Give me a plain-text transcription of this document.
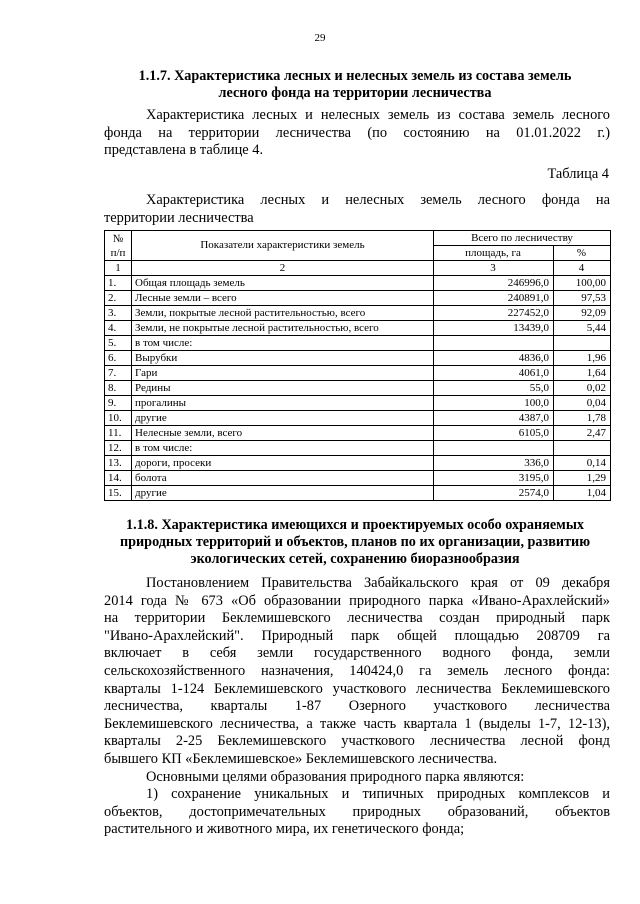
29
1.1.7. Характеристика лесных и нелесных земель из состава земель
лесного фонда на территории лесничества
Характеристика лесных и нелесных земель из состава земель лесного
фонда на территории лесничества (по состоянию на 01.01.2022 г.)
представлена в таблице 4.
Таблица 4
Характеристика лесных и нелесных земель лесного фонда на
территории лесничества
№ п/п	Показатели характеристики земель	Всего по лесничеству	
		площадь, га	%
1	2	3	4
1.	Общая площадь земель	246996,0	100,00
2.	Лесные земли – всего	240891,0	97,53
3.	Земли, покрытые лесной растительностью, всего	227452,0	92,09
4.	Земли, не покрытые лесной растительностью, всего	13439,0	5,44
5.	в том числе:		
6.	Вырубки	4836,0	1,96
7.	Гари	4061,0	1,64
8.	Редины	55,0	0,02
9.	прогалины	100,0	0,04
10.	другие	4387,0	1,78
11.	Нелесные земли, всего	6105,0	2,47
12.	в том числе:		
13.	дороги, просеки	336,0	0,14
14.	болота	3195,0	1,29
15.	другие	2574,0	1,04
1.1.8. Характеристика имеющихся и проектируемых особо охраняемых
природных территорий и объектов, планов по их организации, развитию
экологических сетей, сохранению биоразнообразия
Постановлением Правительства Забайкальского края от 09 декабря
2014 года № 673 «Об образовании природного парка «Ивано-Арахлейский»
на территории Беклемишевского лесничества создан природный парк
"Ивано-Арахлейский". Природный парк общей площадью 208709 га
включает в себя земли государственного водного фонда, земли
сельскохозяйственного назначения, 140424,0 га земель лесного фонда:
кварталы 1-124 Беклемишевского участкового лесничества Беклемишевского
лесничества, кварталы 1-87 Озерного участкового лесничества
Беклемишевского лесничества, а также часть квартала 1 (выделы 1-7, 12-13),
кварталы 2-25 Беклемишевского участкового лесничества лесной фонд
бывшего КП «Беклемишевское» Беклемишевского лесничества.
Основными целями образования природного парка являются:
1) сохранение уникальных и типичных природных комплексов и
объектов, достопримечательных природных образований, объектов
растительного и животного мира, их генетического фонда;
